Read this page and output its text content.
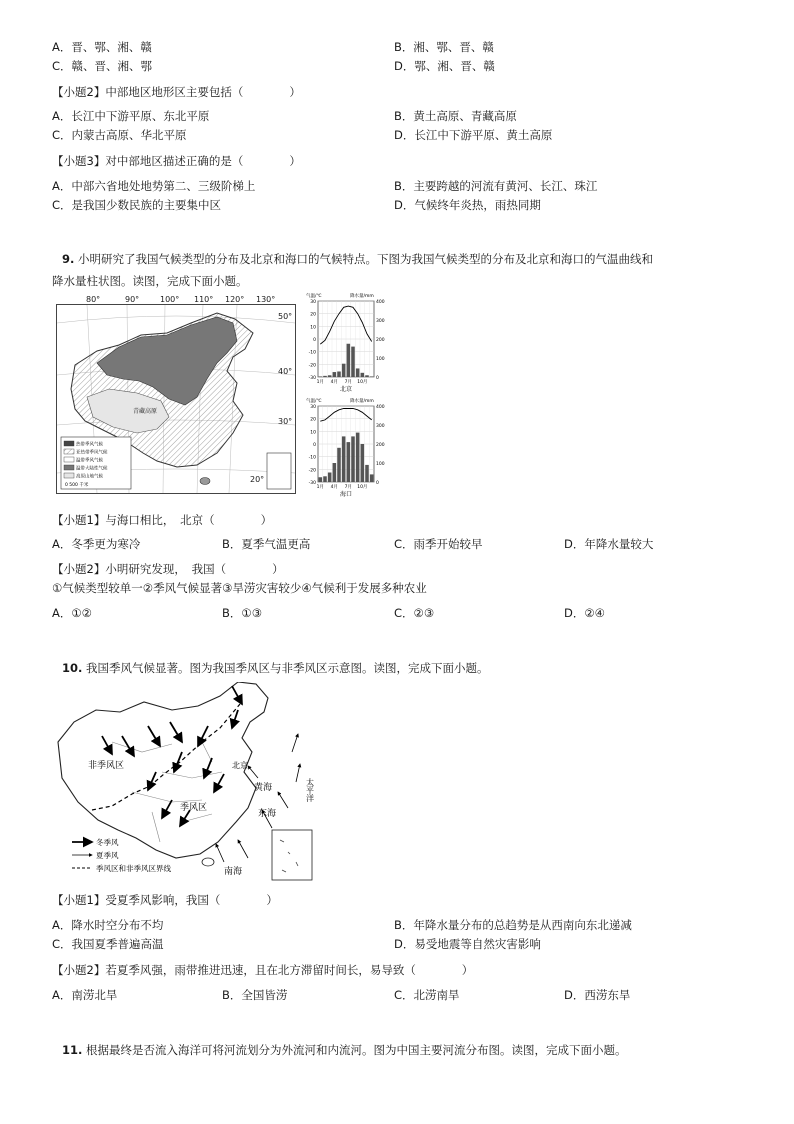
A．晋、鄂、湘、赣	B．湘、鄂、晋、赣
C．赣、晋、湘、鄂	D．鄂、湘、晋、赣
【小题2】中部地区地形区主要包括（　　　　）
A．长江中下游平原、东北平原	B．黄土高原、青藏高原
C．内蒙古高原、华北平原	D．长江中下游平原、黄土高原
【小题3】对中部地区描述正确的是（　　　　）
A．中部六省地处地势第二、三级阶梯上	B．主要跨越的河流有黄河、长江、珠江
C．是我国少数民族的主要集中区	D．气候终年炎热，雨热同期
9. 小明研究了我国气候类型的分布及北京和海口的气候特点。下图为我国气候类型的分布及北京和海口的气温曲线和
降水量柱状图。读图，完成下面小题。
青藏高原
热带季风气候
亚热带季风气候
温带季风气候
温带大陆性气候
高原山地气候
0 500 千米
80°	90°	100° 110° 120° 130°
50°
40°
30°
20°
30
20
10
0
-10
-20
-30
400
300
200
100
0
气温/℃	降水量/mm
1月 4月 7月 10月
北京
30
20
10
0
-10
-20
-30
400
300
200
100
0
气温/℃	降水量/mm
1月 4月 7月 10月
海口
【小题1】与海口相比，　北京（　　　　）
A．冬季更为寒冷	B．夏季气温更高	C．雨季开始较早	D．年降水量较大
【小题2】小明研究发现，　我国（　　　　）
①气候类型较单一②季风气候显著③旱涝灾害较少④气候利于发展多种农业
A．①②	B．①③	C．②③	D．②④
10. 我国季风气候显著。图为我国季风区与非季风区示意图。读图，完成下面小题。
非季风区
季风区
北京
黄海
东海
南海
太平洋
冬季风
夏季风
季风区和非季风区界线
【小题1】受夏季风影响，我国（　　　　）
A．降水时空分布不均	B．年降水量分布的总趋势是从西南向东北递减
C．我国夏季普遍高温	D．易受地震等自然灾害影响
【小题2】若夏季风强，雨带推进迅速，且在北方滞留时间长，易导致（　　　　）
A．南涝北旱	B．全国皆涝	C．北涝南旱	D．西涝东旱
11. 根据最终是否流入海洋可将河流划分为外流河和内流河。图为中国主要河流分布图。读图，完成下面小题。
